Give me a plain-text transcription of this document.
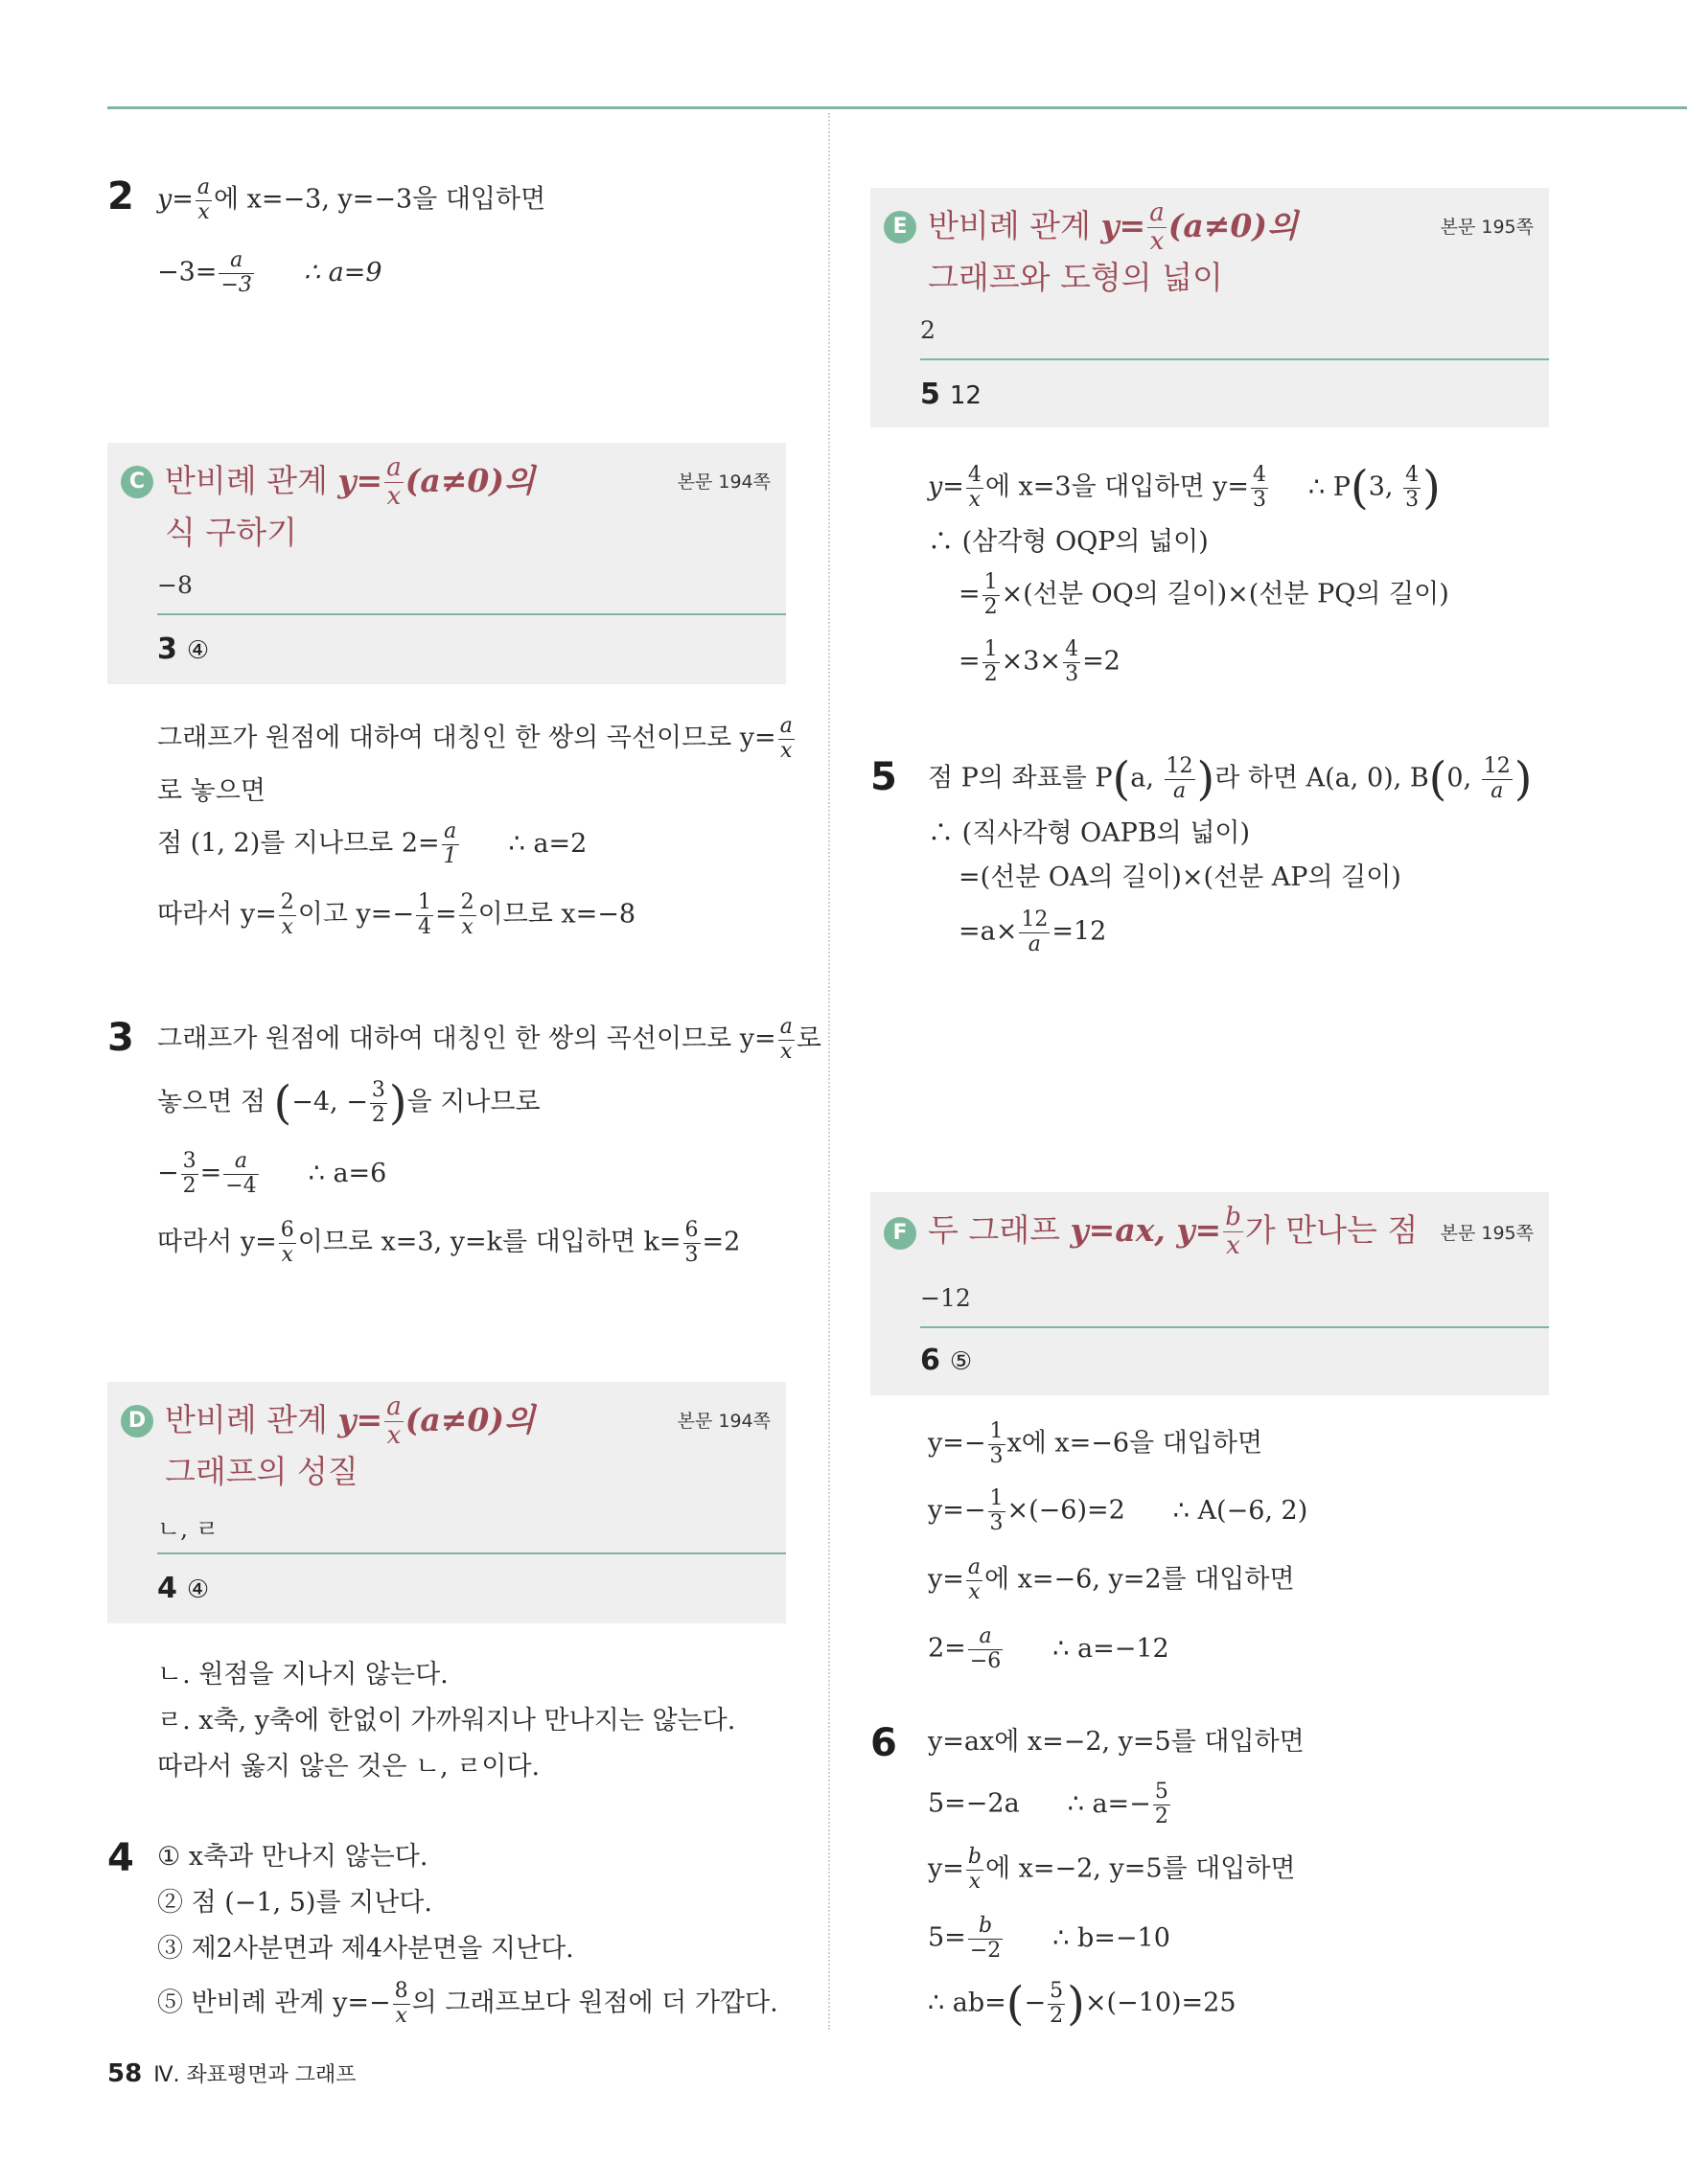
2 $y= \frac{a}{x}$ 에 x=−3, y=−3을 대입하면
$-3= \frac{a}{-3}$ ∴ a=9
C 반비례 관계 $y= \frac{a}{x} (a\ne 0)$의
식 구하기
본문 194쪽
−8
3 ④
그래프가 원점에 대하여 대칭인 한 쌍의 곡선이므로 $y= \frac{a}{x}$
로 놓으면
점 (1, 2)를 지나므로 $2= \frac{a}{1}$ ∴ a=2
따라서 $y= \frac{2}{x}$ 이고 $y=- \frac{1}{4} = \frac{2}{x}$ 이므로 x=−8
3 그래프가 원점에 대하여 대칭인 한 쌍의 곡선이므로 $y= \frac{a}{x}$ 로
놓으면 점 (−4, − $\frac{3}{2}$ )을 지나므로
− $\frac{3}{2} = \frac{a}{-4}$ ∴ a=6
따라서 $y= \frac{6}{x}$ 이므로 x=3, y=k를 대입하면 $k= \frac{6}{3} =2$
D 반비례 관계 $y= \frac{a}{x} (a\ne 0)$의
그래프의 성질
본문 194쪽
ㄴ, ㄹ
4 ④
ㄴ. 원점을 지나지 않는다.
ㄹ. x축, y축에 한없이 가까워지나 만나지는 않는다.
따라서 옳지 않은 것은 ㄴ, ㄹ이다.
4 ① x축과 만나지 않는다.
② 점 (−1, 5)를 지난다.
③ 제2사분면과 제4사분면을 지난다.
⑤ 반비례 관계 $y=- \frac{8}{x}$ 의 그래프보다 원점에 더 가깝다.
E 반비례 관계 $y= \frac{a}{x} (a\ne 0)$의
그래프와 도형의 넓이
본문 195쪽
2
5 12
$y= \frac{4}{x}$ 에 x=3을 대입하면 $y= \frac{4}{3}$ ∴ P(3, $\frac{4}{3}$ )
∴ (삼각형 OQP의 넓이)
= $\frac{1}{2}$ ×(선분 OQ의 길이)×(선분 PQ의 길이)
= $\frac{1}{2} \times 3\times \frac{4}{3} =2$
5 점 P의 좌표를 P(a, $\frac{12}{a}$ )라 하면 A(a, 0), B(0, $\frac{12}{a}$ )
∴ (직사각형 OAPB의 넓이)
=(선분 OA의 길이)×(선분 AP의 길이)
$=a\times \frac{12}{a} =12$
F 두 그래프 y=ax, $y= \frac{b}{x}$ 가 만나는 점 본문 195쪽
−12
6 ⑤
$y=- \frac{1}{3}$ x에 x=−6을 대입하면
$y=- \frac{1}{3} \times(-6)=2$ ∴ A(−6, 2)
$y= \frac{a}{x}$ 에 x=−6, y=2를 대입하면
$2= \frac{a}{-6}$ ∴ a=−12
6 y=ax에 x=−2, y=5를 대입하면
5=−2a ∴ $a=- \frac{5}{2}$
$y= \frac{b}{x}$ 에 x=−2, y=5를 대입하면
$5= \frac{b}{-2}$ ∴ b=−10
∴ $ab=(- \frac{5}{2} )\times(-10)=25$
58 Ⅳ. 좌표평면과 그래프
